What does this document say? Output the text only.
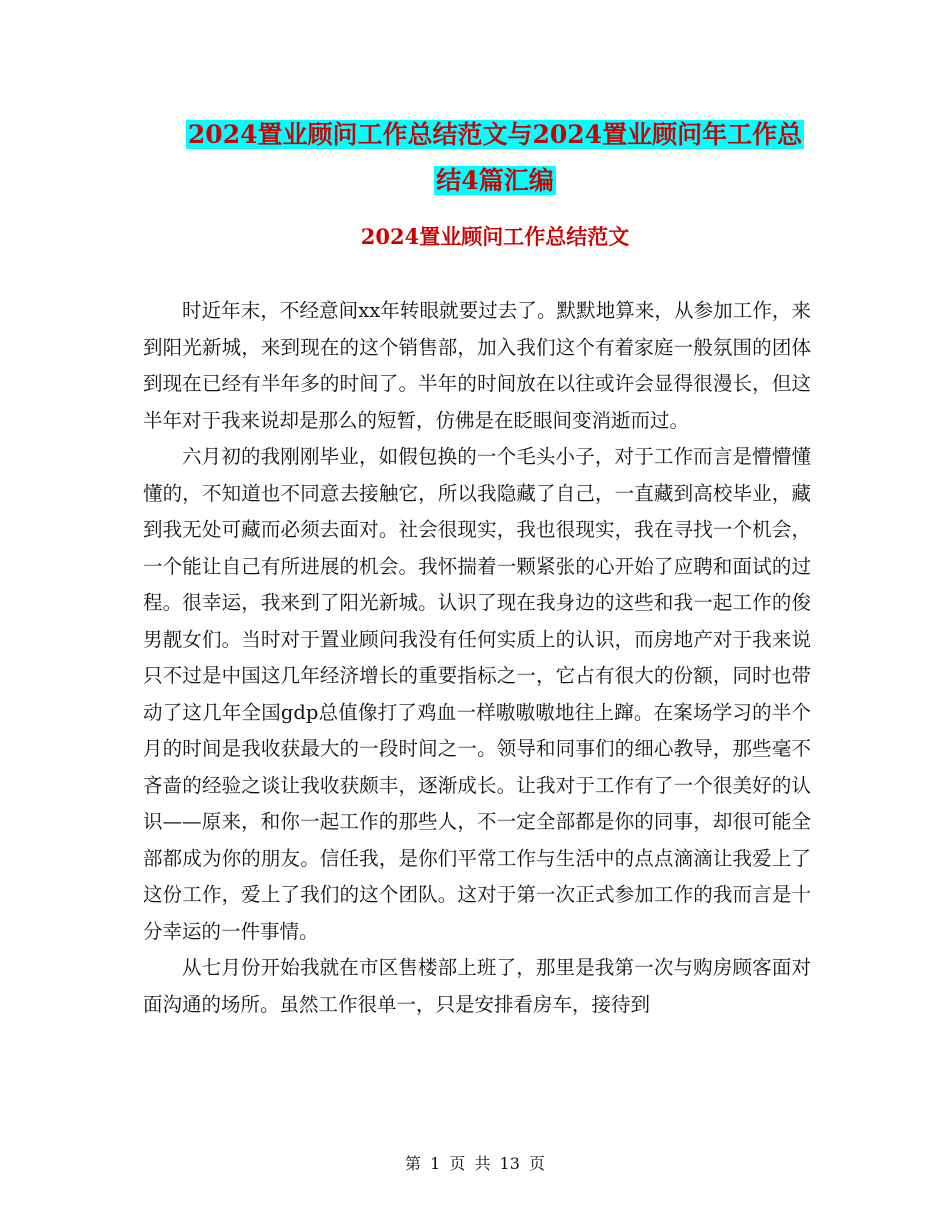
2024置业顾问工作总结范文与2024置业顾问年工作总
结4篇汇编
2024置业顾问工作总结范文

时近年末，不经意间xx年转眼就要过去了。默默地算来，从参加工作，来到阳光新城，来到现在的这个销售部，加入我们这个有着家庭一般氛围的团体到现在已经有半年多的时间了。半年的时间放在以往或许会显得很漫长，但这半年对于我来说却是那么的短暂，仿佛是在眨眼间变消逝而过。

六月初的我刚刚毕业，如假包换的一个毛头小子，对于工作而言是懵懵懂懂的，不知道也不同意去接触它，所以我隐藏了自己，一直藏到高校毕业，藏到我无处可藏而必须去面对。社会很现实，我也很现实，我在寻找一个机会，一个能让自己有所进展的机会。我怀揣着一颗紧张的心开始了应聘和面试的过程。很幸运，我来到了阳光新城。认识了现在我身边的这些和我一起工作的俊男靓女们。当时对于置业顾问我没有任何实质上的认识，而房地产对于我来说只不过是中国这几年经济增长的重要指标之一，它占有很大的份额，同时也带动了这几年全国gdp总值像打了鸡血一样嗷嗷嗷地往上蹿。在案场学习的半个月的时间是我收获最大的一段时间之一。领导和同事们的细心教导，那些毫不吝啬的经验之谈让我收获颇丰，逐渐成长。让我对于工作有了一个很美好的认识——原来，和你一起工作的那些人，不一定全部都是你的同事，却很可能全部都成为你的朋友。信任我，是你们平常工作与生活中的点点滴滴让我爱上了这份工作，爱上了我们的这个团队。这对于第一次正式参加工作的我而言是十分幸运的一件事情。

从七月份开始我就在市区售楼部上班了，那里是我第一次与购房顾客面对面沟通的场所。虽然工作很单一，只是安排看房车，接待到

第 1 页 共 13 页
